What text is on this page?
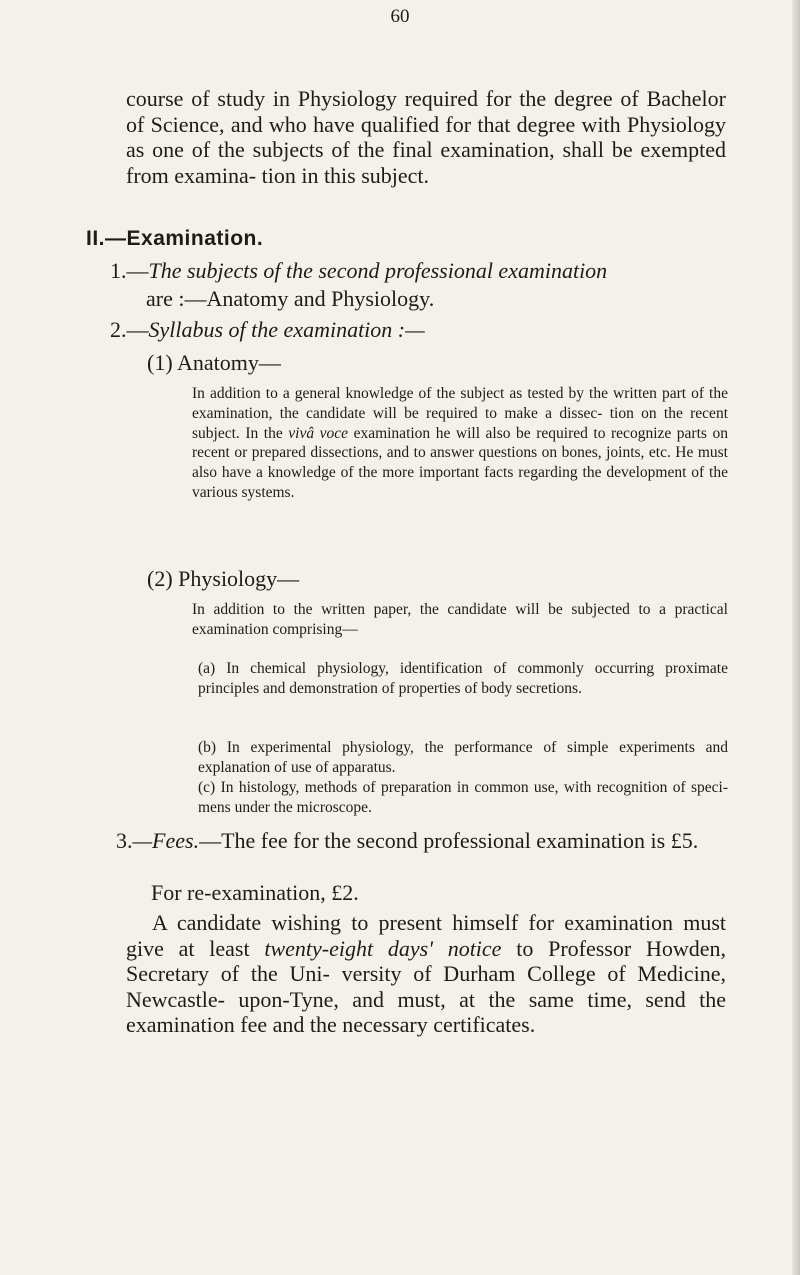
60
course of study in Physiology required for the degree of Bachelor of Science, and who have qualified for that degree with Physiology as one of the subjects of the final examination, shall be exempted from examina- tion in this subject.
II.—Examination.
1.—The subjects of the second professional examination
are :—Anatomy and Physiology.
2.—Syllabus of the examination :—
(1) Anatomy—
In addition to a general knowledge of the subject as tested by the written part of the examination, the candidate will be required to make a dissec- tion on the recent subject. In the vivâ voce examination he will also be required to recognize parts on recent or prepared dissections, and to answer questions on bones, joints, etc. He must also have a knowledge of the more important facts regarding the development of the various systems.
(2) Physiology—
In addition to the written paper, the candidate will be subjected to a practical examination comprising—
(a) In chemical physiology, identification of commonly occurring proximate principles and demonstration of properties of body secretions.
(b) In experimental physiology, the performance of simple experiments and explanation of use of apparatus.
(c) In histology, methods of preparation in common use, with recognition of speci- mens under the microscope.
3.—Fees.—The fee for the second professional examination is £5.
For re-examination, £2.
A candidate wishing to present himself for examination must give at least twenty-eight days' notice to Professor Howden, Secretary of the Uni- versity of Durham College of Medicine, Newcastle- upon-Tyne, and must, at the same time, send the examination fee and the necessary certificates.
